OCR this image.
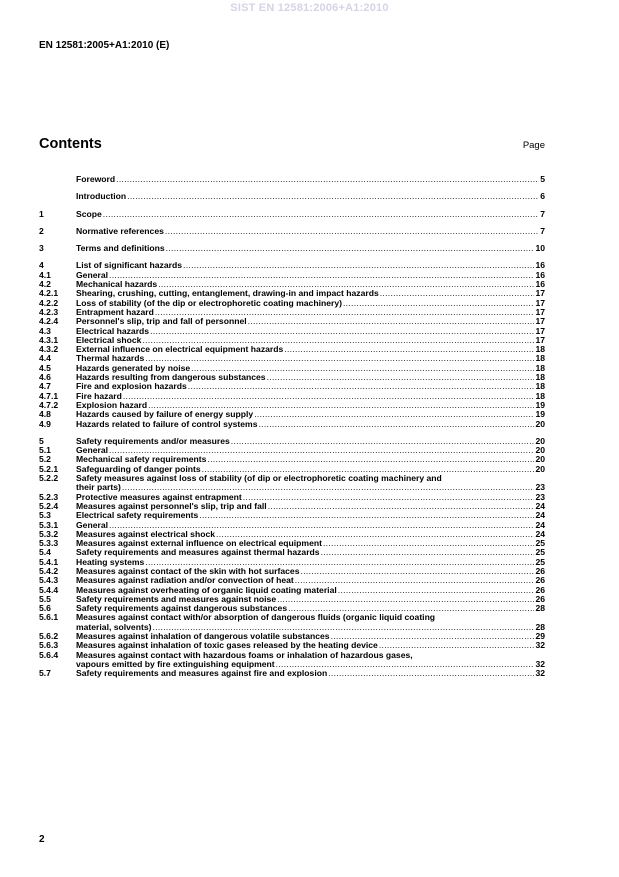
SIST EN 12581:2006+A1:2010
EN 12581:2005+A1:2010 (E)
Contents	Page
Foreword .....	5
Introduction .....	6
1	Scope .....	7
2	Normative references .....	7
3	Terms and definitions .....	10
4	List of significant hazards .....	16
4.1	General .....	16
4.2	Mechanical hazards .....	16
4.2.1	Shearing, crushing, cutting, entanglement, drawing-in and impact hazards .....	17
4.2.2	Loss of stability (of the dip or electrophoretic coating machinery) .....	17
4.2.3	Entrapment hazard .....	17
4.2.4	Personnel's slip, trip and fall of personnel .....	17
4.3	Electrical hazards .....	17
4.3.1	Electrical shock .....	17
4.3.2	External influence on electrical equipment hazards .....	18
4.4	Thermal hazards .....	18
4.5	Hazards generated by noise .....	18
4.6	Hazards resulting from dangerous substances .....	18
4.7	Fire and explosion hazards .....	18
4.7.1	Fire hazard .....	18
4.7.2	Explosion hazard .....	19
4.8	Hazards caused by failure of energy supply .....	19
4.9	Hazards related to failure of control systems .....	20
5	Safety requirements and/or measures .....	20
5.1	General .....	20
5.2	Mechanical safety requirements .....	20
5.2.1	Safeguarding of danger points .....	20
5.2.2	Safety measures against loss of stability (of dip or electrophoretic coating machinery and
their parts) .....	23
5.2.3	Protective measures against entrapment .....	23
5.2.4	Measures against personnel's slip, trip and fall .....	24
5.3	Electrical safety requirements .....	24
5.3.1	General .....	24
5.3.2	Measures against electrical shock .....	24
5.3.3	Measures against external influence on electrical equipment .....	25
5.4	Safety requirements and measures against thermal hazards .....	25
5.4.1	Heating systems .....	25
5.4.2	Measures against contact of the skin with hot surfaces .....	26
5.4.3	Measures against radiation and/or convection of heat .....	26
5.4.4	Measures against overheating of organic liquid coating material .....	26
5.5	Safety requirements and measures against noise .....	26
5.6	Safety requirements against dangerous substances .....	28
5.6.1	Measures against contact with/or absorption of dangerous fluids (organic liquid coating
material, solvents) .....	28
5.6.2	Measures against inhalation of dangerous volatile substances .....	29
5.6.3	Measures against inhalation of toxic gases released by the heating device .....	32
5.6.4	Measures against contact with hazardous foams or inhalation of hazardous gases,
vapours emitted by fire extinguishing equipment .....	32
5.7	Safety requirements and measures against fire and explosion .....	32
2
